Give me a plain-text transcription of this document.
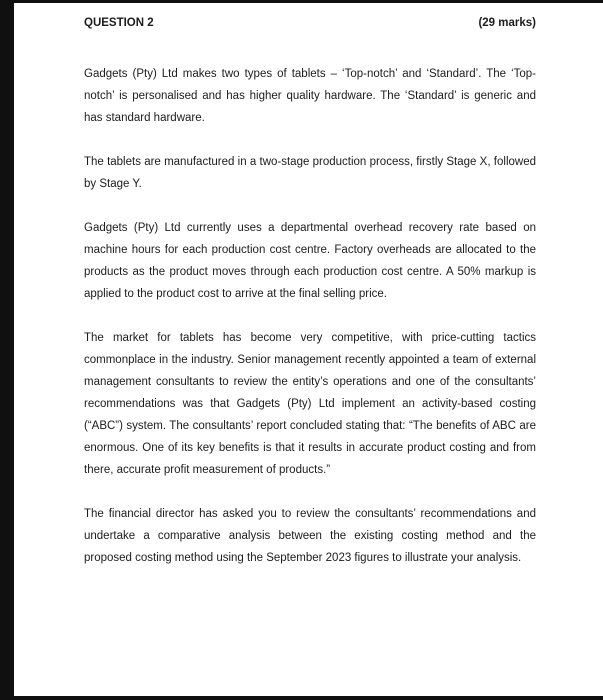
QUESTION 2	(29 marks)

Gadgets (Pty) Ltd makes two types of tablets – ‘Top-notch’ and ‘Standard’. The ‘Top-notch’ is personalised and has higher quality hardware. The ‘Standard’ is generic and has standard hardware.

The tablets are manufactured in a two-stage production process, firstly Stage X, followed by Stage Y.

Gadgets (Pty) Ltd currently uses a departmental overhead recovery rate based on machine hours for each production cost centre. Factory overheads are allocated to the products as the product moves through each production cost centre. A 50% markup is applied to the product cost to arrive at the final selling price.

The market for tablets has become very competitive, with price-cutting tactics commonplace in the industry. Senior management recently appointed a team of external management consultants to review the entity’s operations and one of the consultants’ recommendations was that Gadgets (Pty) Ltd implement an activity-based costing (“ABC”) system. The consultants’ report concluded stating that: “The benefits of ABC are enormous. One of its key benefits is that it results in accurate product costing and from there, accurate profit measurement of products.”

The financial director has asked you to review the consultants’ recommendations and undertake a comparative analysis between the existing costing method and the proposed costing method using the September 2023 figures to illustrate your analysis.
